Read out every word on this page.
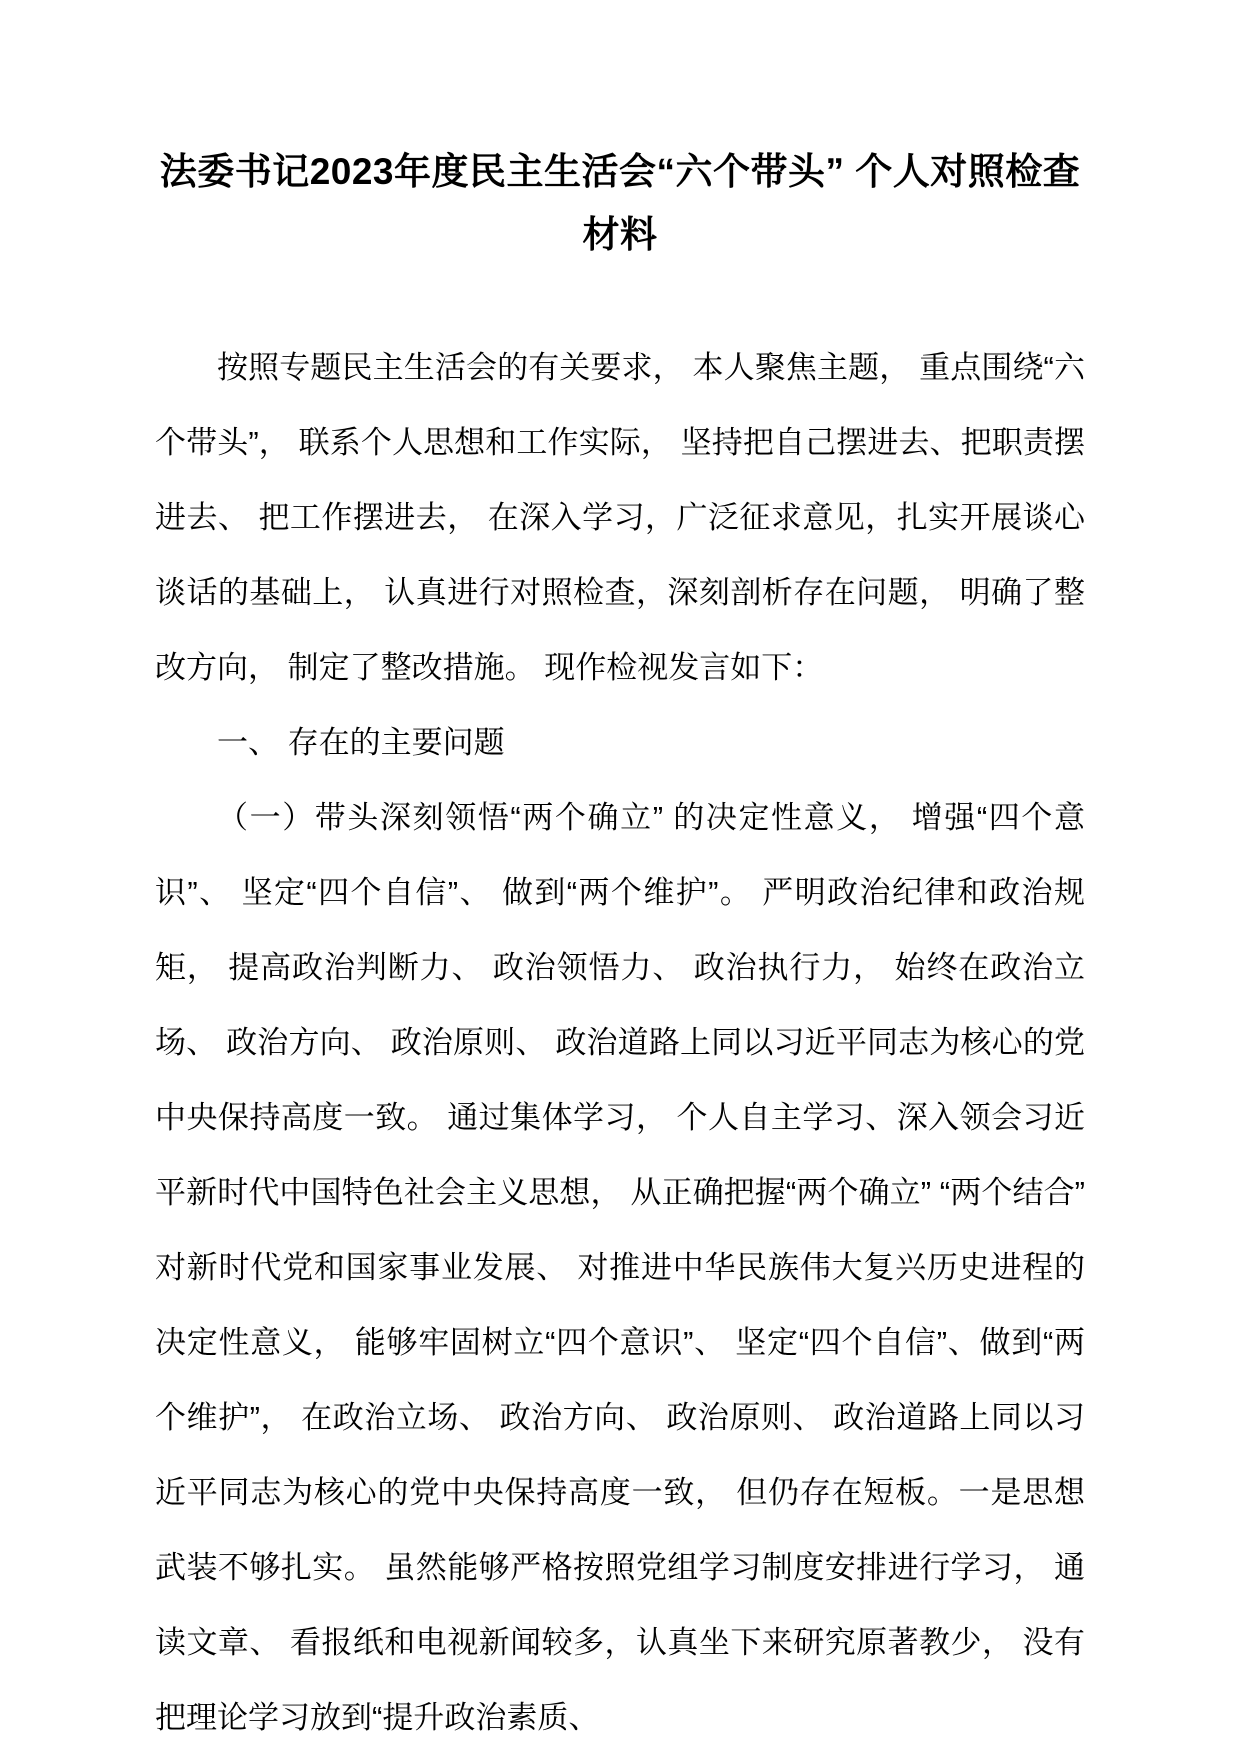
法委书记2023年度民主生活会“六个带头” 个人对照检查材料

按照专题民主生活会的有关要求， 本人聚焦主题， 重点围绕“六个带头”， 联系个人思想和工作实际， 坚持把自己摆进去、把职责摆进去、 把工作摆进去， 在深入学习，广泛征求意见，扎实开展谈心谈话的基础上， 认真进行对照检查，深刻剖析存在问题， 明确了整改方向， 制定了整改措施。 现作检视发言如下：

一、 存在的主要问题

（一）带头深刻领悟“两个确立” 的决定性意义， 增强“四个意识”、 坚定“四个自信”、 做到“两个维护”。 严明政治纪律和政治规矩， 提高政治判断力、 政治领悟力、 政治执行力， 始终在政治立场、 政治方向、 政治原则、 政治道路上同以习近平同志为核心的党中央保持高度一致。 通过集体学习， 个人自主学习、深入领会习近平新时代中国特色社会主义思想， 从正确把握“两个确立” “两个结合” 对新时代党和国家事业发展、 对推进中华民族伟大复兴历史进程的决定性意义， 能够牢固树立“四个意识”、 坚定“四个自信”、做到“两个维护”， 在政治立场、 政治方向、 政治原则、 政治道路上同以习近平同志为核心的党中央保持高度一致， 但仍存在短板。一是思想武装不够扎实。 虽然能够严格按照党组学习制度安排进行学习， 通读文章、 看报纸和电视新闻较多，认真坐下来研究原著教少， 没有把理论学习放到“提升政治素质、
